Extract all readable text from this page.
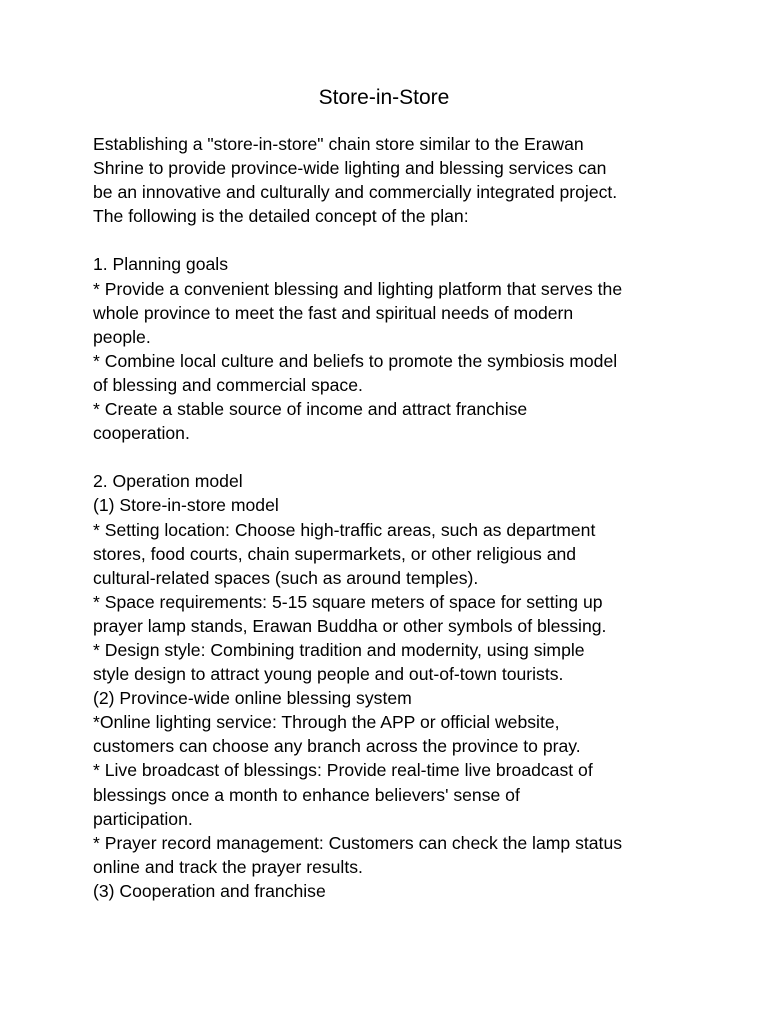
Store-in-Store
Establishing a "store-in-store" chain store similar to the Erawan
Shrine to provide province-wide lighting and blessing services can
be an innovative and culturally and commercially integrated project.
The following is the detailed concept of the plan:
1. Planning goals
* Provide a convenient blessing and lighting platform that serves the
whole province to meet the fast and spiritual needs of modern
people.
* Combine local culture and beliefs to promote the symbiosis model
of blessing and commercial space.
* Create a stable source of income and attract franchise
cooperation.
2. Operation model
(1) Store-in-store model
* Setting location: Choose high-traffic areas, such as department
stores, food courts, chain supermarkets, or other religious and
cultural-related spaces (such as around temples).
* Space requirements: 5-15 square meters of space for setting up
prayer lamp stands, Erawan Buddha or other symbols of blessing.
* Design style: Combining tradition and modernity, using simple
style design to attract young people and out-of-town tourists.
(2) Province-wide online blessing system
*Online lighting service: Through the APP or official website,
customers can choose any branch across the province to pray.
* Live broadcast of blessings: Provide real-time live broadcast of
blessings once a month to enhance believers' sense of
participation.
* Prayer record management: Customers can check the lamp status
online and track the prayer results.
(3) Cooperation and franchise
